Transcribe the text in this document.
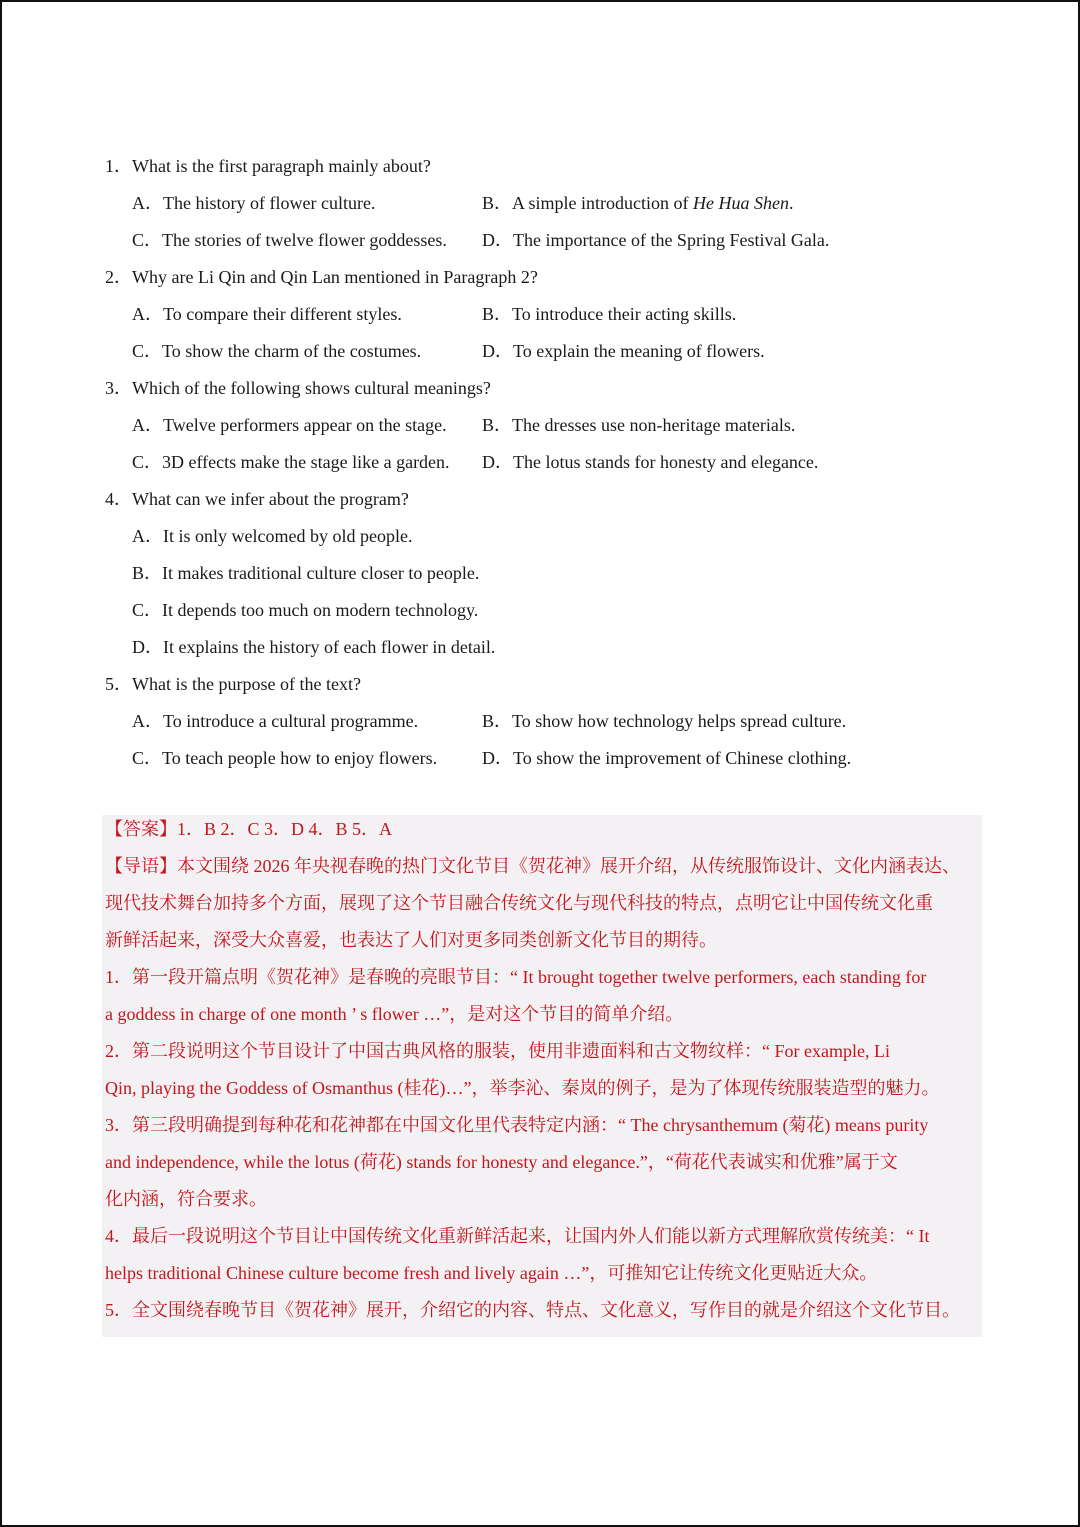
1．What is the first paragraph mainly about?
A．The history of flower culture.	B．A simple introduction of He Hua Shen.
C．The stories of twelve flower goddesses. D．The importance of the Spring Festival Gala.
2．Why are Li Qin and Qin Lan mentioned in Paragraph 2?
A．To compare their different styles.	B．To introduce their acting skills.
C．To show the charm of the costumes.	D．To explain the meaning of flowers.
3．Which of the following shows cultural meanings?
A．Twelve performers appear on the stage. B．The dresses use non-heritage materials.
C．3D effects make the stage like a garden. D．The lotus stands for honesty and elegance.
4．What can we infer about the program?
A．It is only welcomed by old people.
B．It makes traditional culture closer to people.
C．It depends too much on modern technology.
D．It explains the history of each flower in detail.
5．What is the purpose of the text?
A．To introduce a cultural programme.	B．To show how technology helps spread culture.
C．To teach people how to enjoy flowers. D．To show the improvement of Chinese clothing.
【答案】1．B 2．C 3．D 4．B 5．A
【导语】本文围绕 2026 年央视春晚的热门文化节目《贺花神》展开介绍，从传统服饰设计、文化内涵表达、
现代技术舞台加持多个方面，展现了这个节目融合传统文化与现代科技的特点，点明它让中国传统文化重
新鲜活起来，深受大众喜爱，也表达了人们对更多同类创新文化节目的期待。
1．第一段开篇点明《贺花神》是春晚的亮眼节目：“ It brought together twelve performers, each standing for
a goddess in charge of one month ’ s flower …”，是对这个节目的简单介绍。
2．第二段说明这个节目设计了中国古典风格的服装，使用非遗面料和古文物纹样：“ For example, Li
Qin, playing the Goddess of Osmanthus (桂花)…”，举李沁、秦岚的例子，是为了体现传统服装造型的魅力。
3．第三段明确提到每种花和花神都在中国文化里代表特定内涵：“ The chrysanthemum (菊花) means purity
and independence, while the lotus (荷花) stands for honesty and elegance.”，“荷花代表诚实和优雅”属于文
化内涵，符合要求。
4．最后一段说明这个节目让中国传统文化重新鲜活起来，让国内外人们能以新方式理解欣赏传统美：“ It
helps traditional Chinese culture become fresh and lively again …”，可推知它让传统文化更贴近大众。
5．全文围绕春晚节目《贺花神》展开，介绍它的内容、特点、文化意义，写作目的就是介绍这个文化节目。
